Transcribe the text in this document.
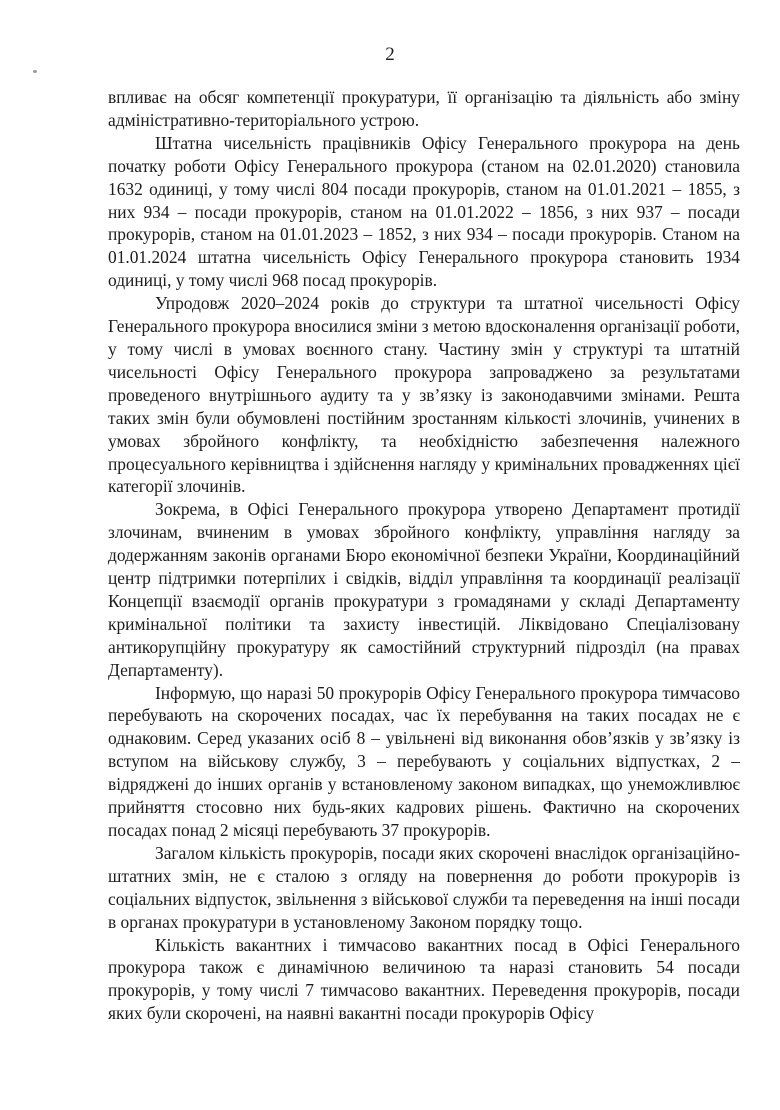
2

впливає на обсяг компетенції прокуратури, її організацію та діяльність або зміну адміністративно-територіального устрою.

Штатна чисельність працівників Офісу Генерального прокурора на день початку роботи Офісу Генерального прокурора (станом на 02.01.2020) становила 1632 одиниці, у тому числі 804 посади прокурорів, станом на 01.01.2021 – 1855, з них 934 – посади прокурорів, станом на 01.01.2022 – 1856, з них 937 – посади прокурорів, станом на 01.01.2023 – 1852, з них 934 – посади прокурорів. Станом на 01.01.2024 штатна чисельність Офісу Генерального прокурора становить 1934 одиниці, у тому числі 968 посад прокурорів.

Упродовж 2020–2024 років до структури та штатної чисельності Офісу Генерального прокурора вносилися зміни з метою вдосконалення організації роботи, у тому числі в умовах воєнного стану. Частину змін у структурі та штатній чисельності Офісу Генерального прокурора запроваджено за результатами проведеного внутрішнього аудиту та у зв’язку із законодавчими змінами. Решта таких змін були обумовлені постійним зростанням кількості злочинів, учинених в умовах збройного конфлікту, та необхідністю забезпечення належного процесуального керівництва і здійснення нагляду у кримінальних провадженнях цієї категорії злочинів.

Зокрема, в Офісі Генерального прокурора утворено Департамент протидії злочинам, вчиненим в умовах збройного конфлікту, управління нагляду за додержанням законів органами Бюро економічної безпеки України, Координаційний центр підтримки потерпілих і свідків, відділ управління та координації реалізації Концепції взаємодії органів прокуратури з громадянами у складі Департаменту кримінальної політики та захисту інвестицій. Ліквідовано Спеціалізовану антикорупційну прокуратуру як самостійний структурний підрозділ (на правах Департаменту).

Інформую, що наразі 50 прокурорів Офісу Генерального прокурора тимчасово перебувають на скорочених посадах, час їх перебування на таких посадах не є однаковим. Серед указаних осіб 8 – увільнені від виконання обов’язків у зв’язку із вступом на військову службу, 3 – перебувають у соціальних відпустках, 2 – відряджені до інших органів у встановленому законом випадках, що унеможливлює прийняття стосовно них будь-яких кадрових рішень. Фактично на скорочених посадах понад 2 місяці перебувають 37 прокурорів.

Загалом кількість прокурорів, посади яких скорочені внаслідок організаційно-штатних змін, не є сталою з огляду на повернення до роботи прокурорів із соціальних відпусток, звільнення з військової служби та переведення на інші посади в органах прокуратури в установленому Законом порядку тощо.

Кількість вакантних і тимчасово вакантних посад в Офісі Генерального прокурора також є динамічною величиною та наразі становить 54 посади прокурорів, у тому числі 7 тимчасово вакантних. Переведення прокурорів, посади яких були скорочені, на наявні вакантні посади прокурорів Офісу
